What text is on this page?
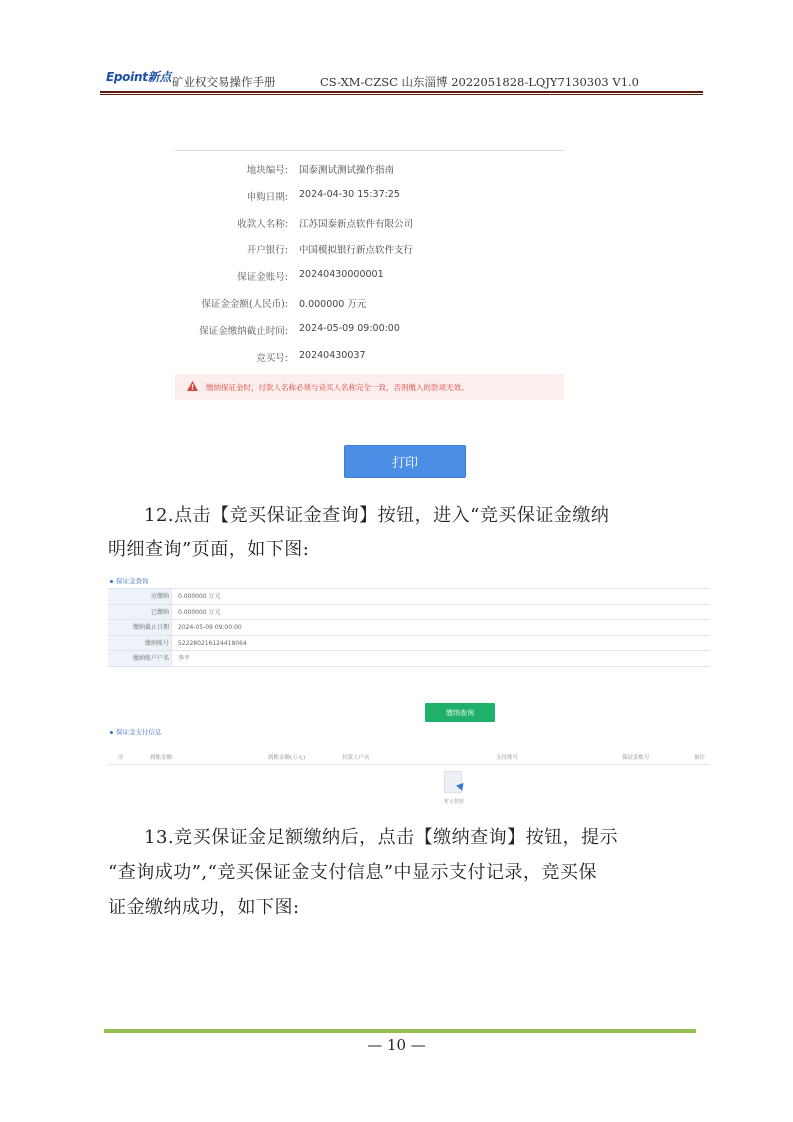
Epoint新点 矿业权交易操作手册	CS-XM-CZSC 山东淄博 2022051828-LQJY7130303 V1.0
地块编号: 国泰测试测试操作指南
申购日期: 2024-04-30 15:37:25
收款人名称: 江苏国泰新点软件有限公司
开户银行: 中国模拟银行新点软件支行
保证金账号: 20240430000001
保证金金额(人民币): 0.000000 万元
保证金缴纳截止时间: 2024-05-09 09:00:00
竞买号: 20240430037
缴纳保证金时，付款人名称必须与竞买人名称完全一致，否则缴入的款项无效。
打印
12.点击【竞买保证金查询】按钮，进入“竞买保证金缴纳
明细查询”页面，如下图:
保证金查询
应缴纳	0.000000 万元
已缴纳	0.000000 万元
缴纳截止日期	2024-05-09 09:00:00
缴纳账号	52228021612441806​4
缴纳账户户名	李平
缴纳查询
保证金支付信息
序	到账金额	到账金额(万元)	付款人户名	支付账号	保证金账号	备注
暂无数据
13.竞买保证金足额缴纳后，点击【缴纳查询】按钮，提示
“查询成功”,“竞买保证金支付信息”中显示支付记录，竞买保
证金缴纳成功，如下图:
— 10 —
